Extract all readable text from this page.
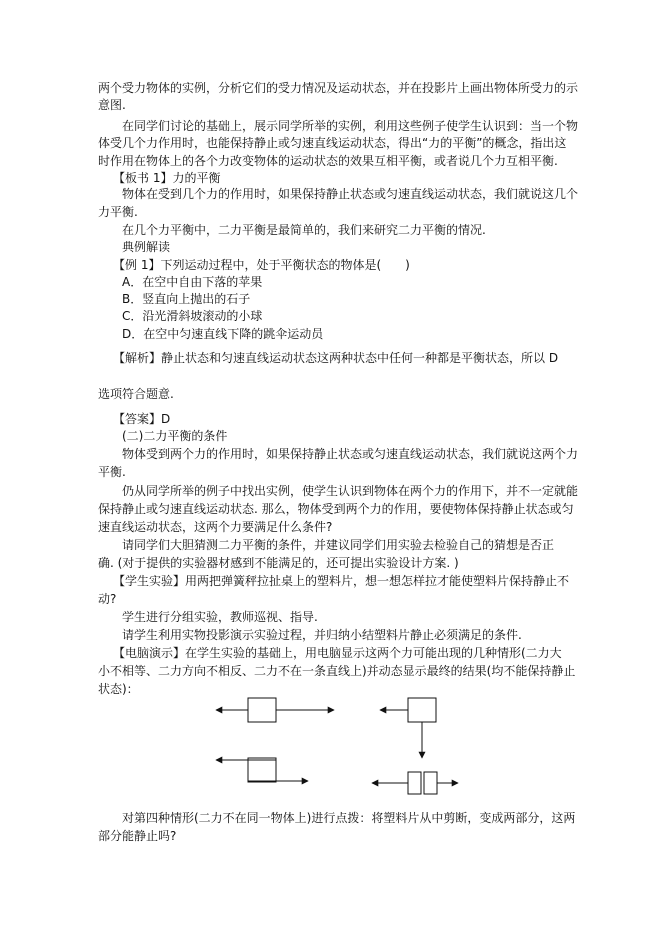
两个受力物体的实例，分析它们的受力情况及运动状态，并在投影片上画出物体所受力的示
意图.
在同学们讨论的基础上，展示同学所举的实例，利用这些例子使学生认识到：当一个物
体受几个力作用时，也能保持静止或匀速直线运动状态，得出“力的平衡”的概念，指出这
时作用在物体上的各个力改变物体的运动状态的效果互相平衡，或者说几个力互相平衡.
【板书 1】力的平衡
物体在受到几个力的作用时，如果保持静止状态或匀速直线运动状态，我们就说这几个
力平衡.
在几个力平衡中，二力平衡是最简单的，我们来研究二力平衡的情况.
典例解读
【例 1】下列运动过程中，处于平衡状态的物体是(　　)
A．在空中自由下落的苹果
B．竖直向上抛出的石子
C．沿光滑斜坡滚动的小球
D．在空中匀速直线下降的跳伞运动员
【解析】静止状态和匀速直线运动状态这两种状态中任何一种都是平衡状态，所以 D
选项符合题意.
【答案】D
(二)二力平衡的条件
物体受到两个力的作用时，如果保持静止状态或匀速直线运动状态，我们就说这两个力
平衡.
仍从同学所举的例子中找出实例，使学生认识到物体在两个力的作用下，并不一定就能
保持静止或匀速直线运动状态. 那么，物体受到两个力的作用，要使物体保持静止状态或匀
速直线运动状态，这两个力要满足什么条件?
请同学们大胆猜测二力平衡的条件，并建议同学们用实验去检验自己的猜想是否正
确. (对于提供的实验器材感到不能满足的，还可提出实验设计方案. )
【学生实验】用两把弹簧秤拉扯桌上的塑料片，想一想怎样拉才能使塑料片保持静止不
动?
学生进行分组实验，教师巡视、指导.
请学生利用实物投影演示实验过程，并归纳小结塑料片静止必须满足的条件.
【电脑演示】在学生实验的基础上，用电脑显示这两个力可能出现的几种情形(二力大
小不相等、二力方向不相反、二力不在一条直线上)并动态显示最终的结果(均不能保持静止
状态)：
对第四种情形(二力不在同一物体上)进行点拨：将塑料片从中剪断，变成两部分，这两
部分能静止吗?
